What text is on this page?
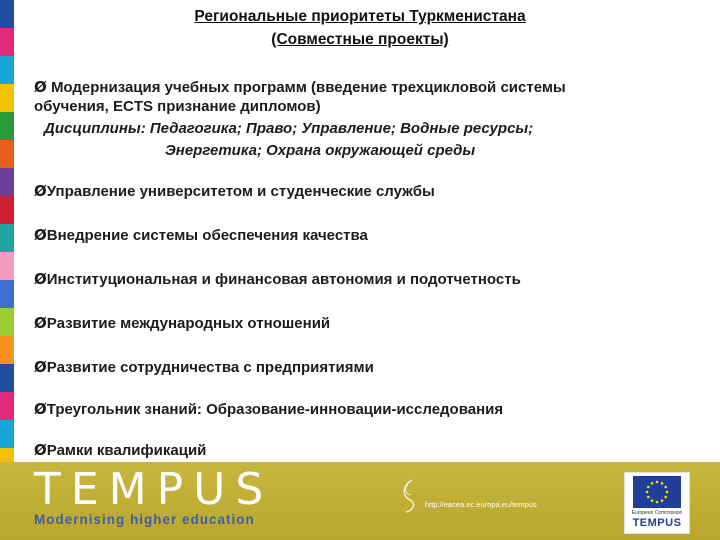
Региональные приоритеты Туркменистана
(Совместные проекты)
Ø Модернизация учебных программ (введение трехцикловой системы
обучения, ECTS признание дипломов)
Дисциплины: Педагогика; Право; Управление; Водные ресурсы;
Энергетика; Охрана окружающей среды
ØУправление университетом и студенческие службы
ØВнедрение системы обеспечения качества
ØИнституциональная и финансовая автономия и подотчетность
ØРазвитие международных отношений
ØРазвитие сотрудничества с предприятиями
ØТреугольник знаний: Образование-инновации-исследования
ØРамки квалификаций
TEMPUS
Modernising higher education
http://eacea.ec.europa.eu/tempus
European Commission
TEMPUS
